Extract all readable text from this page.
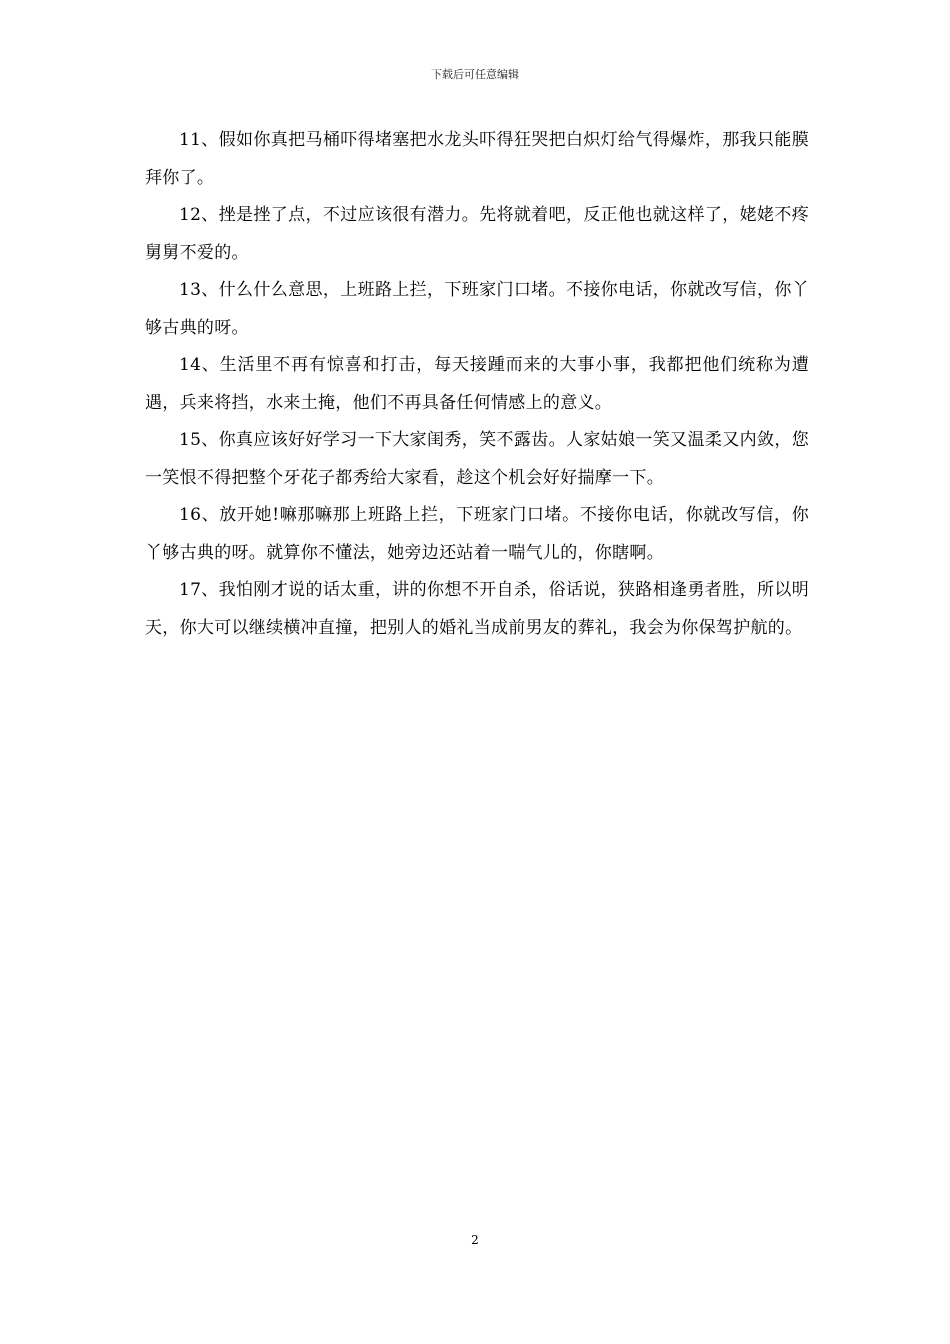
下载后可任意编辑

11、假如你真把马桶吓得堵塞把水龙头吓得狂哭把白炽灯给气得爆炸，那我只能膜拜你了。

12、挫是挫了点，不过应该很有潜力。先将就着吧，反正他也就这样了，姥姥不疼舅舅不爱的。

13、什么什么意思，上班路上拦，下班家门口堵。不接你电话，你就改写信，你丫够古典的呀。

14、生活里不再有惊喜和打击，每天接踵而来的大事小事，我都把他们统称为遭遇，兵来将挡，水来土掩，他们不再具备任何情感上的意义。

15、你真应该好好学习一下大家闺秀，笑不露齿。人家姑娘一笑又温柔又内敛，您一笑恨不得把整个牙花子都秀给大家看，趁这个机会好好揣摩一下。

16、放开她!嘛那嘛那上班路上拦，下班家门口堵。不接你电话，你就改写信，你丫够古典的呀。就算你不懂法，她旁边还站着一喘气儿的，你瞎啊。

17、我怕刚才说的话太重，讲的你想不开自杀，俗话说，狭路相逢勇者胜，所以明天，你大可以继续横冲直撞，把别人的婚礼当成前男友的葬礼，我会为你保驾护航的。

2
